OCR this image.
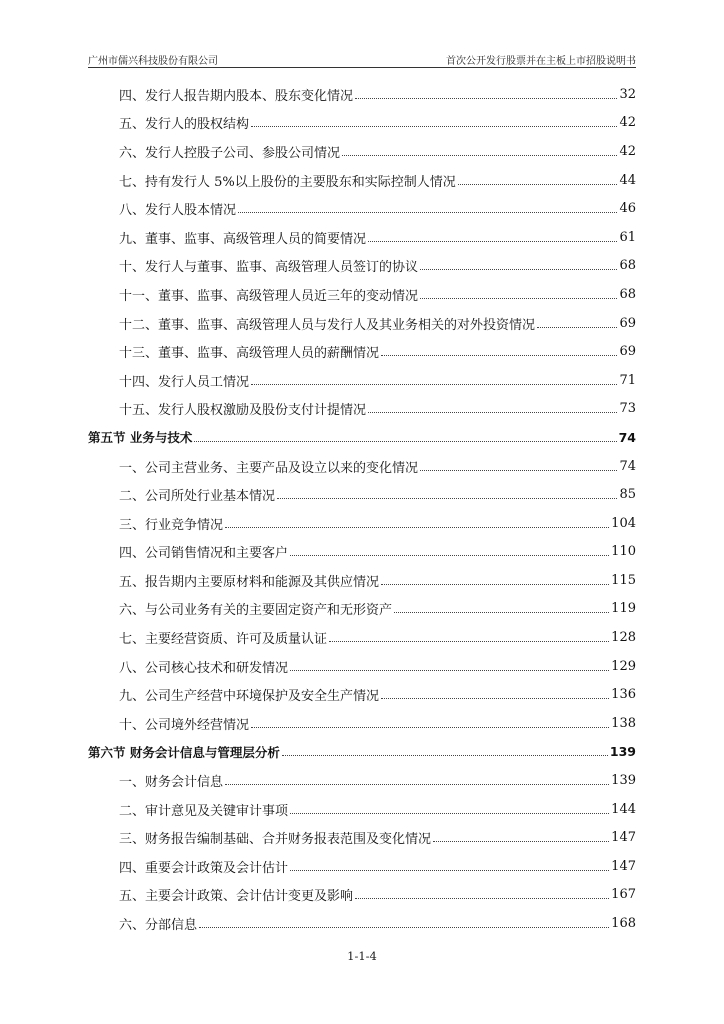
广州市儒兴科技股份有限公司	首次公开发行股票并在主板上市招股说明书
四、发行人报告期内股本、股东变化情况	32
五、发行人的股权结构	42
六、发行人控股子公司、参股公司情况	42
七、持有发行人 5%以上股份的主要股东和实际控制人情况	44
八、发行人股本情况	46
九、董事、监事、高级管理人员的简要情况	61
十、发行人与董事、监事、高级管理人员签订的协议	68
十一、董事、监事、高级管理人员近三年的变动情况	68
十二、董事、监事、高级管理人员与发行人及其业务相关的对外投资情况	69
十三、董事、监事、高级管理人员的薪酬情况	69
十四、发行人员工情况	71
十五、发行人股权激励及股份支付计提情况	73
第五节 业务与技术	74
一、公司主营业务、主要产品及设立以来的变化情况	74
二、公司所处行业基本情况	85
三、行业竞争情况	104
四、公司销售情况和主要客户	110
五、报告期内主要原材料和能源及其供应情况	115
六、与公司业务有关的主要固定资产和无形资产	119
七、主要经营资质、许可及质量认证	128
八、公司核心技术和研发情况	129
九、公司生产经营中环境保护及安全生产情况	136
十、公司境外经营情况	138
第六节 财务会计信息与管理层分析	139
一、财务会计信息	139
二、审计意见及关键审计事项	144
三、财务报告编制基础、合并财务报表范围及变化情况	147
四、重要会计政策及会计估计	147
五、主要会计政策、会计估计变更及影响	167
六、分部信息	168
1-1-4
